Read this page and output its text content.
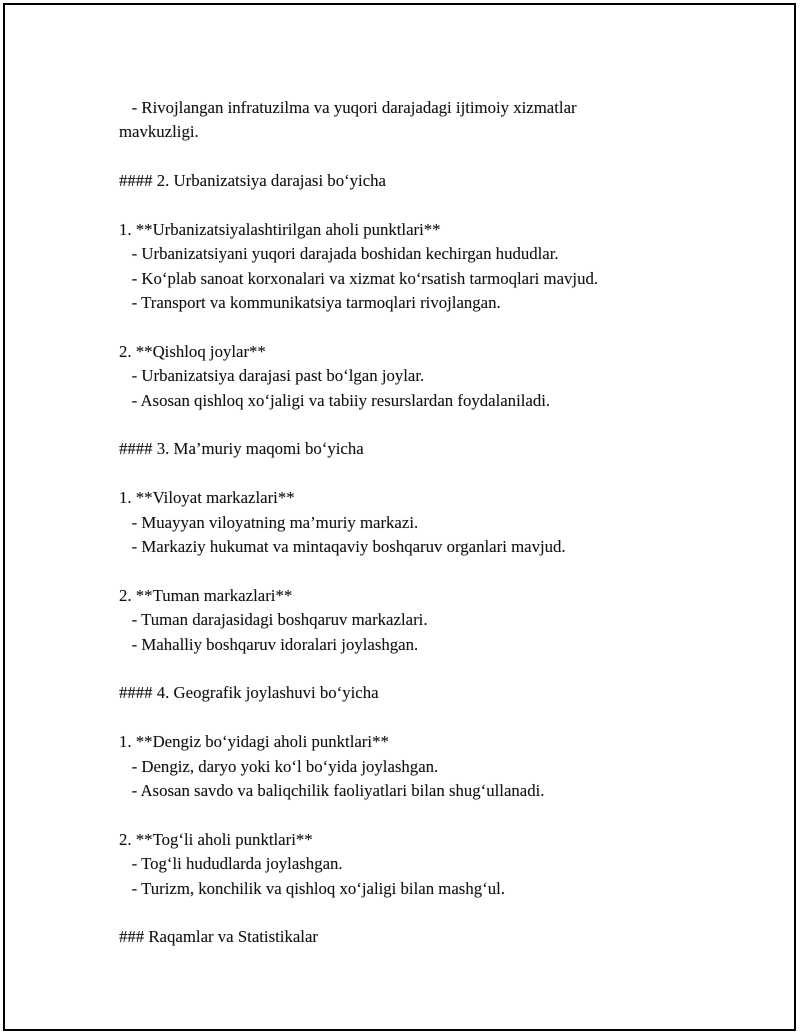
- Rivojlangan infratuzilma va yuqori darajadagi ijtimoiy xizmatlar
mavkuzligi.
#### 2. Urbanizatsiya darajasi bo‘yicha
1. **Urbanizatsiyalashtirilgan aholi punktlari**
- Urbanizatsiyani yuqori darajada boshidan kechirgan hududlar.
- Ko‘plab sanoat korxonalari va xizmat ko‘rsatish tarmoqlari mavjud.
- Transport va kommunikatsiya tarmoqlari rivojlangan.
2. **Qishloq joylar**
- Urbanizatsiya darajasi past bo‘lgan joylar.
- Asosan qishloq xo‘jaligi va tabiiy resurslardan foydalaniladi.
#### 3. Ma’muriy maqomi bo‘yicha
1. **Viloyat markazlari**
- Muayyan viloyatning ma’muriy markazi.
- Markaziy hukumat va mintaqaviy boshqaruv organlari mavjud.
2. **Tuman markazlari**
- Tuman darajasidagi boshqaruv markazlari.
- Mahalliy boshqaruv idoralari joylashgan.
#### 4. Geografik joylashuvi bo‘yicha
1. **Dengiz bo‘yidagi aholi punktlari**
- Dengiz, daryo yoki ko‘l bo‘yida joylashgan.
- Asosan savdo va baliqchilik faoliyatlari bilan shug‘ullanadi.
2. **Tog‘li aholi punktlari**
- Tog‘li hududlarda joylashgan.
- Turizm, konchilik va qishloq xo‘jaligi bilan mashg‘ul.
### Raqamlar va Statistikalar
